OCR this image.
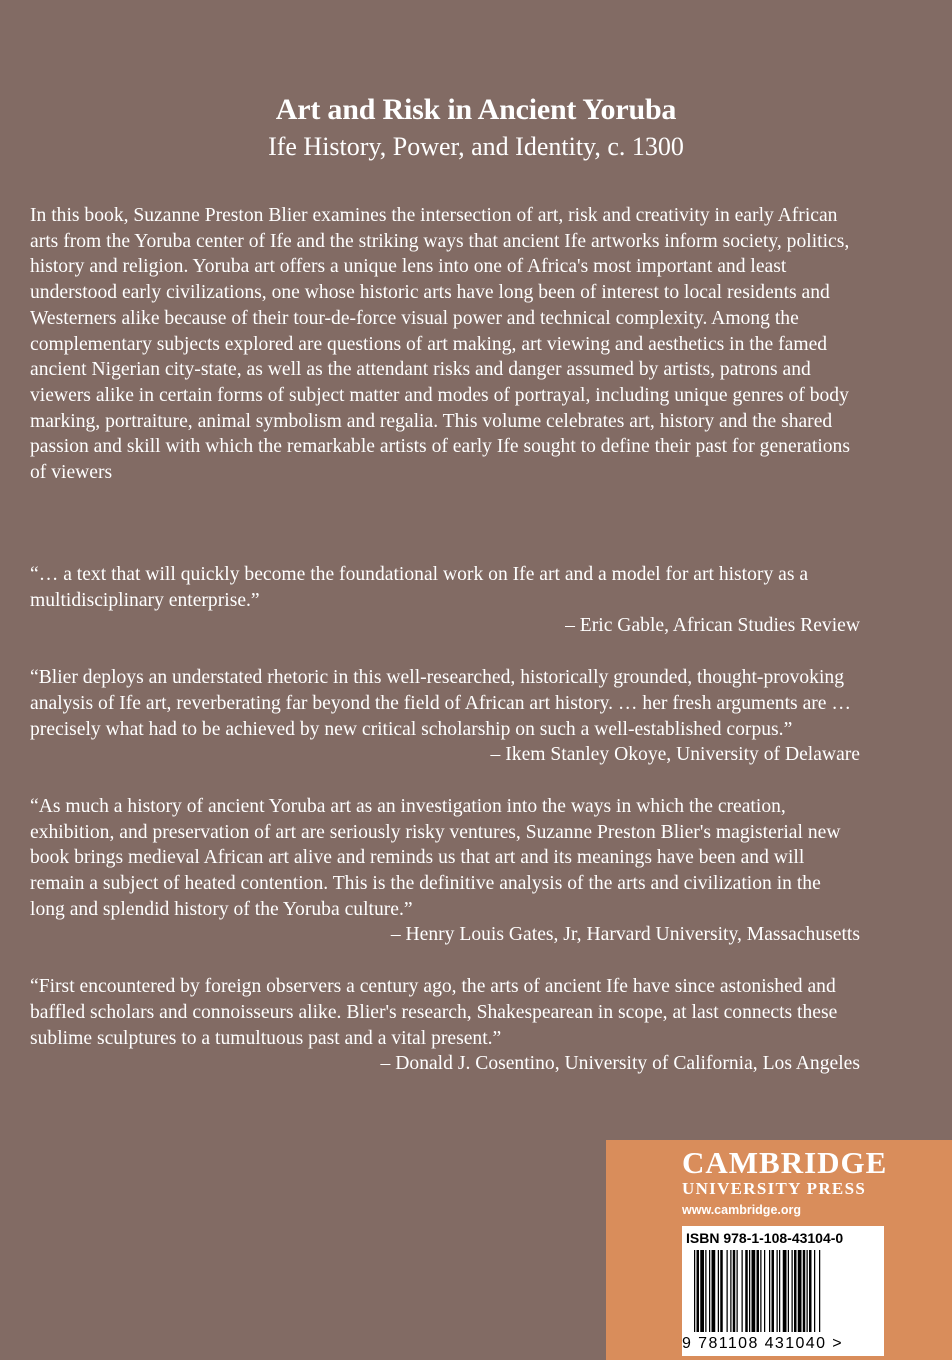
Art and Risk in Ancient Yoruba
Ife History, Power, and Identity, c. 1300

In this book, Suzanne Preston Blier examines the intersection of art, risk and creativity in early African arts from the Yoruba center of Ife and the striking ways that ancient Ife artworks inform society, politics, history and religion. Yoruba art offers a unique lens into one of Africa's most important and least understood early civilizations, one whose historic arts have long been of interest to local residents and Westerners alike because of their tour-de-force visual power and technical complexity. Among the complementary subjects explored are questions of art making, art viewing and aesthetics in the famed ancient Nigerian city-state, as well as the attendant risks and danger assumed by artists, patrons and viewers alike in certain forms of subject matter and modes of portrayal, including unique genres of body marking, portraiture, animal symbolism and regalia. This volume celebrates art, history and the shared passion and skill with which the remarkable artists of early Ife sought to define their past for generations of viewers

“… a text that will quickly become the foundational work on Ife art and a model for art history as a multidisciplinary enterprise.”

– Eric Gable, African Studies Review

“Blier deploys an understated rhetoric in this well-researched, historically grounded, thought-provoking analysis of Ife art, reverberating far beyond the field of African art history. … her fresh arguments are … precisely what had to be achieved by new critical scholarship on such a well-established corpus.”

– Ikem Stanley Okoye, University of Delaware

“As much a history of ancient Yoruba art as an investigation into the ways in which the creation, exhibition, and preservation of art are seriously risky ventures, Suzanne Preston Blier's magisterial new book brings medieval African art alive and reminds us that art and its meanings have been and will remain a subject of heated contention. This is the definitive analysis of the arts and civilization in the long and splendid history of the Yoruba culture.”

– Henry Louis Gates, Jr, Harvard University, Massachusetts

“First encountered by foreign observers a century ago, the arts of ancient Ife have since astonished and baffled scholars and connoisseurs alike. Blier's research, Shakespearean in scope, at last connects these sublime sculptures to a tumultuous past and a vital present.”

– Donald J. Cosentino, University of California, Los Angeles

CAMBRIDGE
UNIVERSITY PRESS
www.cambridge.org
ISBN 978-1-108-43104-0
9 781108 431040 >
